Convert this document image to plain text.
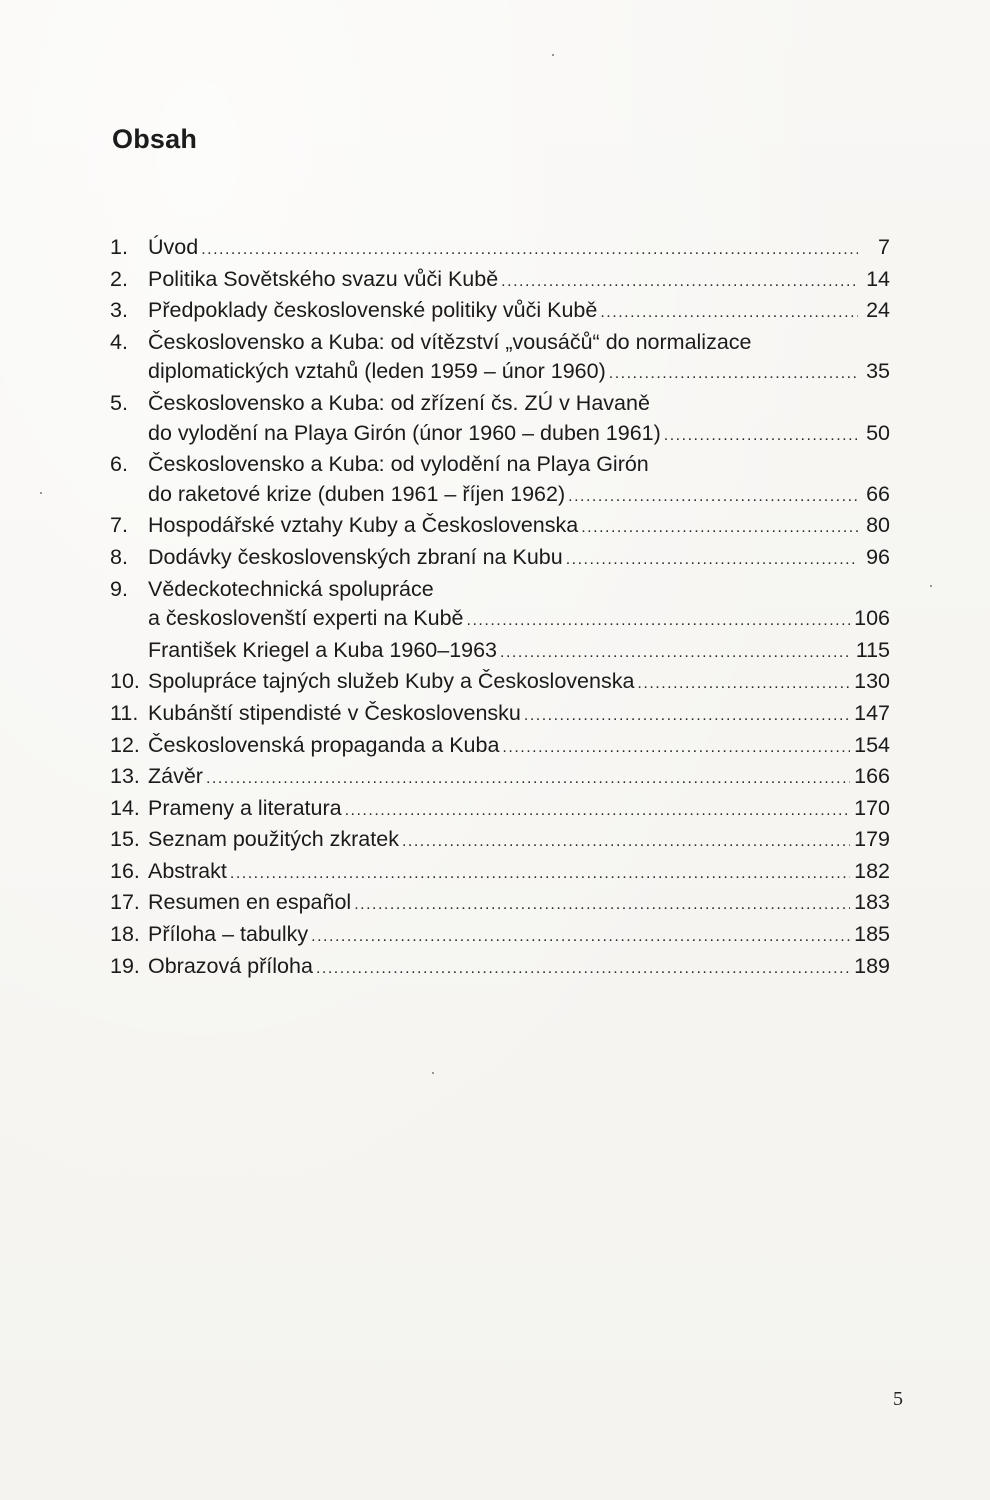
Obsah
1. Úvod .....	7
2. Politika Sovětského svazu vůči Kubě .....	14
3. Předpoklady československé politiky vůči Kubě .....	24
4. Československo a Kuba: od vítězství „vousáčů“ do normalizace
diplomatických vztahů (leden 1959 – únor 1960) .....	35
5. Československo a Kuba: od zřízení čs. ZÚ v Havaně
do vylodění na Playa Girón (únor 1960 – duben 1961) .....	50
6. Československo a Kuba: od vylodění na Playa Girón
do raketové krize (duben 1961 – říjen 1962) .....	66
7. Hospodářské vztahy Kuby a Československa .....	80
8. Dodávky československých zbraní na Kubu .....	96
9. Vědeckotechnická spolupráce
a českoslovenští experti na Kubě .....	106
František Kriegel a Kuba 1960–1963 .....	115
10. Spolupráce tajných služeb Kuby a Československa .....	130
11. Kubánští stipendisté v Československu .....	147
12. Československá propaganda a Kuba .....	154
13. Závěr .....	166
14. Prameny a literatura .....	170
15. Seznam použitých zkratek .....	179
16. Abstrakt .....	182
17. Resumen en español .....	183
18. Příloha – tabulky .....	185
19. Obrazová příloha .....	189
5
